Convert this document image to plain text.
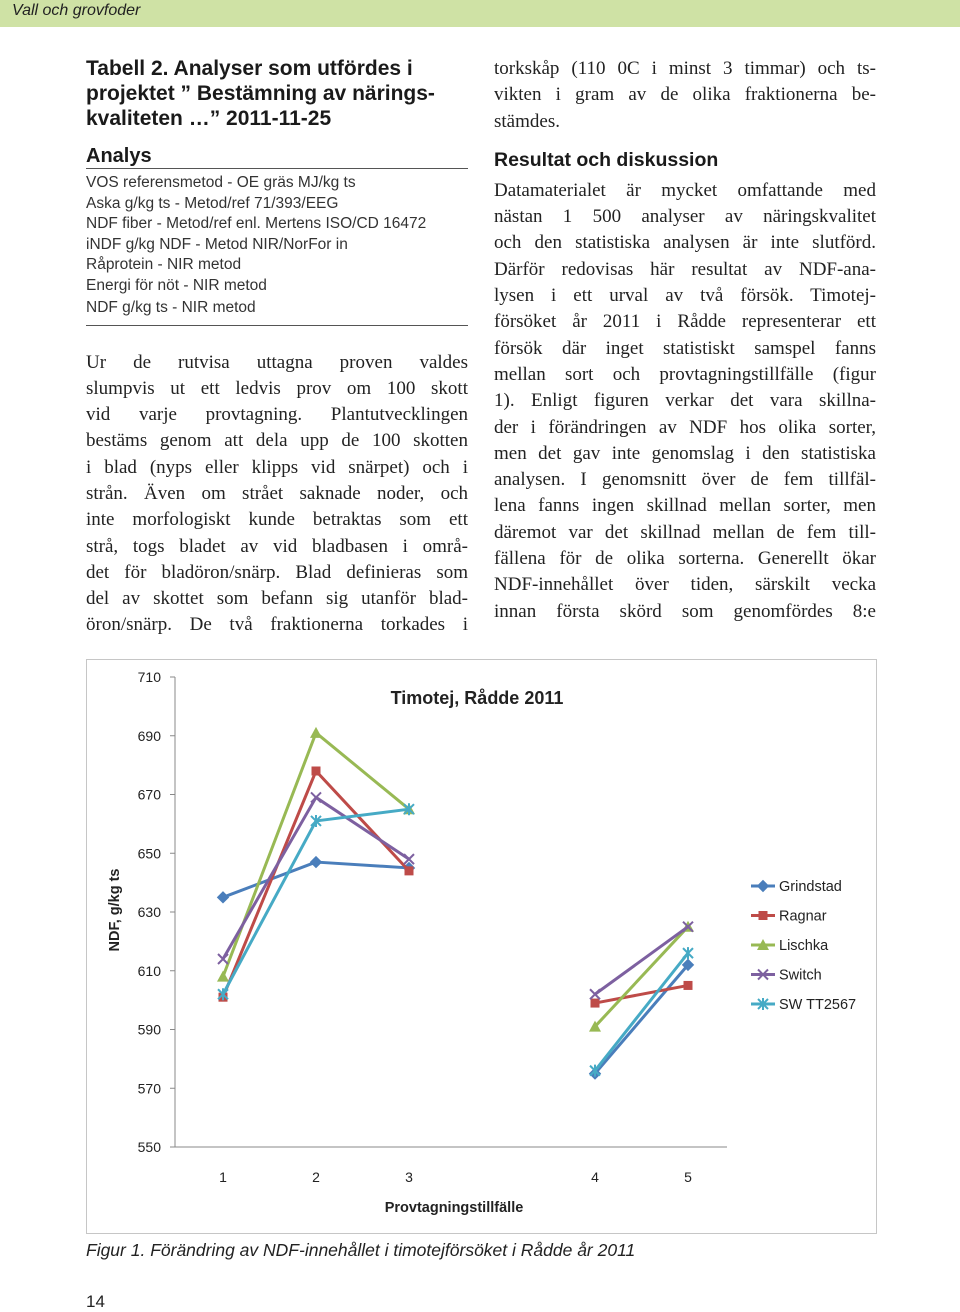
Vall och grovfoder
Tabell 2. Analyser som utfördes i
projektet ” Bestämning av närings-
kvaliteten …” 2011-11-25
Analys
VOS referensmetod - OE gräs MJ/kg ts
Aska g/kg ts - Metod/ref 71/393/EEG
NDF fiber - Metod/ref enl. Mertens ISO/CD 16472
iNDF g/kg NDF - Metod NIR/NorFor in
Råprotein - NIR metod
Energi för nöt - NIR metod
NDF g/kg ts - NIR metod

Ur de rutvisa uttagna proven valdes

slumpvis ut ett ledvis prov om 100 skott

vid varje provtagning. Plantutvecklingen

bestäms genom att dela upp de 100 skotten

i blad (nyps eller klipps vid snärpet) och i

strån. Även om strået saknade noder, och

inte morfologiskt kunde betraktas som ett

strå, togs bladet av vid bladbasen i områ-

det för bladöron/snärp. Blad definieras som

del av skottet som befann sig utanför blad-

öron/snärp. De två fraktionerna torkades i

torkskåp (110 0C i minst 3 timmar) och ts-

vikten i gram av de olika fraktionerna be-

stämdes.

Resultat och diskussion

Datamaterialet är mycket omfattande med

nästan 1 500 analyser av näringskvalitet

och den statistiska analysen är inte slutförd.

Därför redovisas här resultat av NDF-ana-

lysen i ett urval av två försök. Timotej-

försöket år 2011 i Rådde representerar ett

försök där inget statistiskt samspel fanns

mellan sort och provtagningstillfälle (figur

1). Enligt figuren verkar det vara skillna-

der i förändringen av NDF hos olika sorter,

men det gav inte genomslag i den statistiska

analysen. I genomsnitt över de fem tillfäl-

lena fanns ingen skillnad mellan sorter, men

däremot var det skillnad mellan de fem till-

fällena för de olika sorterna. Generellt ökar

NDF-innehållet över tiden, särskilt vecka

innan första skörd som genomfördes 8:e

710
690
670
650
630
610
590
570
550
1	2	3	4	5
Grindstad
Ragnar
Lischka
Switch
SW TT2567
Timotej, Rådde 2011
Provtagningstillfälle
NDF, g/kg ts
Figur 1. Förändring av NDF-innehållet i timotejförsöket i Rådde år 2011
14
